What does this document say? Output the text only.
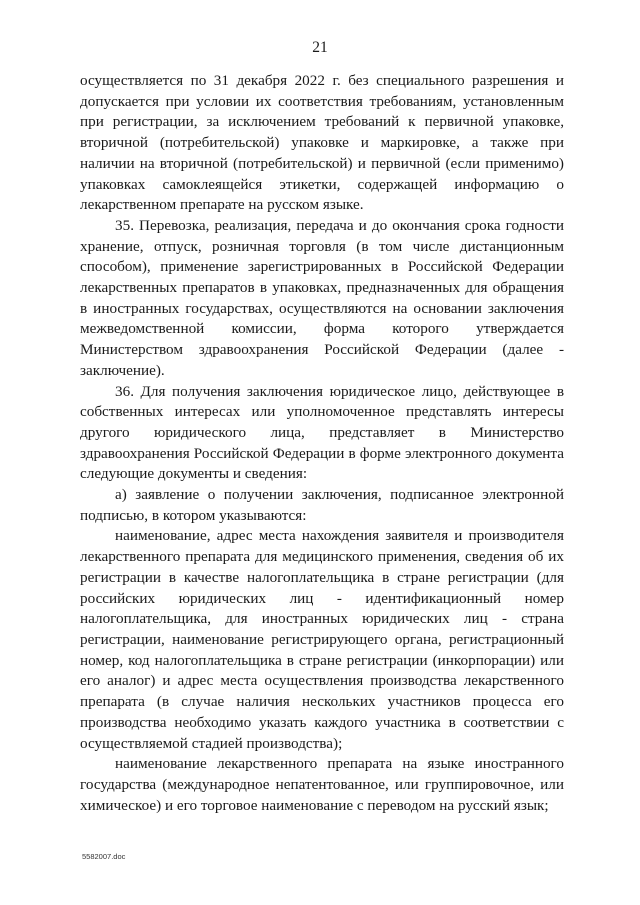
21

осуществляется по 31 декабря 2022 г. без специального разрешения и допускается при условии их соответствия требованиям, установленным при регистрации, за исключением требований к первичной упаковке, вторичной (потребительской) упаковке и маркировке, а также при наличии на вторичной (потребительской) и первичной (если применимо) упаковках самоклеящейся этикетки, содержащей информацию о лекарственном препарате на русском языке.

35. Перевозка, реализация, передача и до окончания срока годности хранение, отпуск, розничная торговля (в том числе дистанционным способом), применение зарегистрированных в Российской Федерации лекарственных препаратов в упаковках, предназначенных для обращения в иностранных государствах, осуществляются на основании заключения межведомственной комиссии, форма которого утверждается Министерством здравоохранения Российской Федерации (далее - заключение).

36. Для получения заключения юридическое лицо, действующее в собственных интересах или уполномоченное представлять интересы другого юридического лица, представляет в Министерство здравоохранения Российской Федерации в форме электронного документа следующие документы и сведения:

а) заявление о получении заключения, подписанное электронной подписью, в котором указываются:

наименование, адрес места нахождения заявителя и производителя лекарственного препарата для медицинского применения, сведения об их регистрации в качестве налогоплательщика в стране регистрации (для российских юридических лиц - идентификационный номер налогоплательщика, для иностранных юридических лиц - страна регистрации, наименование регистрирующего органа, регистрационный номер, код налогоплательщика в стране регистрации (инкорпорации) или его аналог) и адрес места осуществления производства лекарственного препарата (в случае наличия нескольких участников процесса его производства необходимо указать каждого участника в соответствии с осуществляемой стадией производства);

наименование лекарственного препарата на языке иностранного государства (международное непатентованное, или группировочное, или химическое) и его торговое наименование с переводом на русский язык;

5582007.doc
